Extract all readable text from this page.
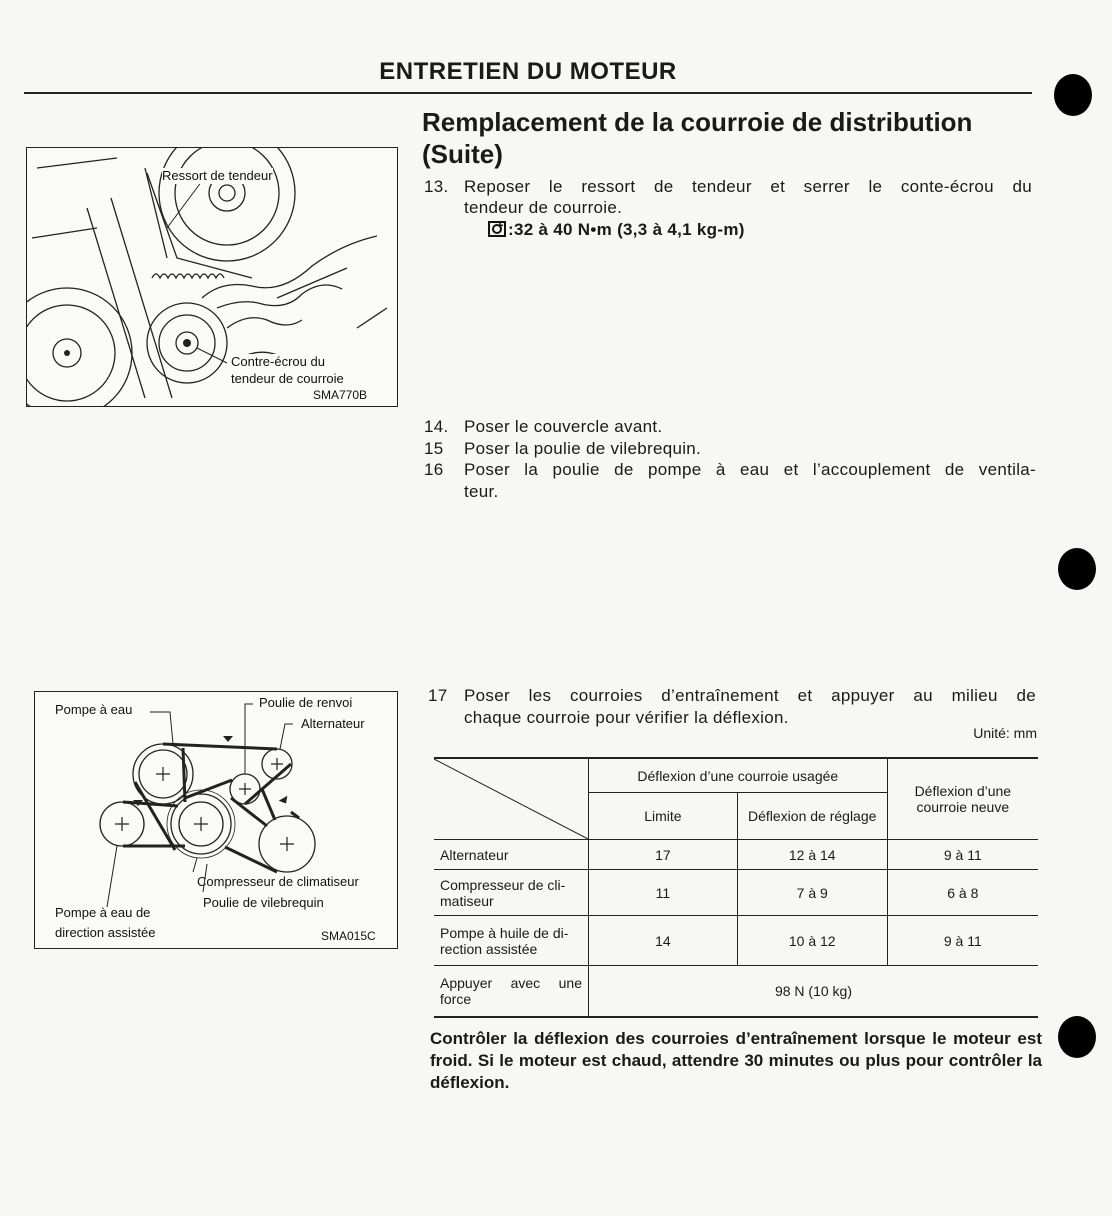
ENTRETIEN DU MOTEUR
Remplacement de la courroie de distribution
(Suite)
13. Reposer le ressort de tendeur et serrer le conte-écrou du
tendeur de courroie.
:32 à 40 N•m (3,3 à 4,1 kg-m)
Ressort de tendeur
Contre-écrou du
tendeur de courroie
SMA770B
14. Poser le couvercle avant.
15 Poser la poulie de vilebrequin.
16 Poser la poulie de pompe à eau et l’accouplement de ventila-
teur.
Pompe à eau	Poulie de renvoi
Alternateur
Compresseur de climatiseur
Poulie de vilebrequin
Pompe à eau de
direction assistée	SMA015C
17 Poser les courroies d’entraînement et appuyer au milieu de
chaque courroie pour vérifier la déflexion.
Unité: mm
	Déflexion d’une courroie usagée		Déflexion d’une courroie neuve
	Limite	Déflexion de réglage	
Alternateur	17	12 à 14	9 à 11
Compresseur de cli-matiseur	11	7 à 9	6 à 8
Pompe à huile de di-rection assistée	14	10 à 12	9 à 11
Appuyer avec une force	98 N (10 kg)		
Contrôler la déflexion des courroies d’entraînement lorsque le moteur est froid. Si le moteur est chaud, attendre 30 minutes ou plus pour contrôler la déflexion.
